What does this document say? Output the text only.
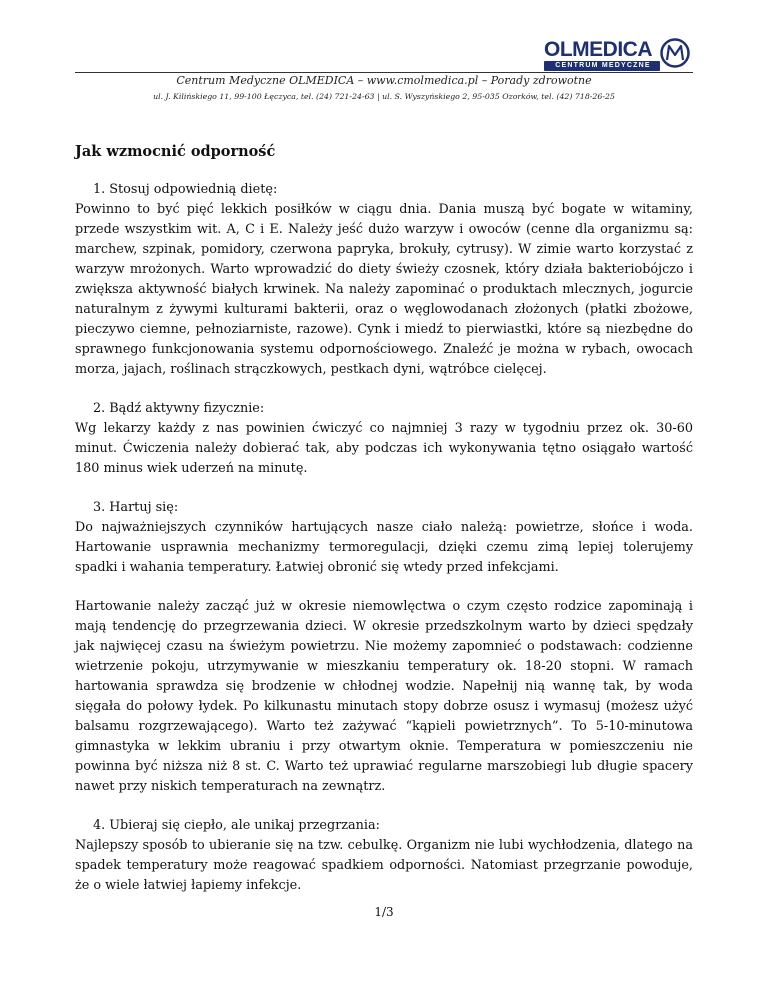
OLMEDICA
CENTRUM MEDYCZNE
Centrum Medyczne OLMEDICA – www.cmolmedica.pl – Porady zdrowotne
ul. J. Kilińskiego 11, 99-100 Łęczyca, tel. (24) 721-24-63 | ul. S. Wyszyńskiego 2, 95-035 Ozorków, tel. (42) 718-26-25
Jak wzmocnić odporność

1. Stosuj odpowiednią dietę:

Powinno to być pięć lekkich posiłków w ciągu dnia. Dania muszą być bogate w witaminy, przede wszystkim wit. A, C i E. Należy jeść dużo warzyw i owoców (cenne dla organizmu są: marchew, szpinak, pomidory, czerwona papryka, brokuły, cytrusy). W zimie warto korzystać z warzyw mrożonych. Warto wprowadzić do diety świeży czosnek, który działa bakteriobójczo i zwiększa aktywność białych krwinek. Na należy zapominać o produktach mlecznych, jogurcie naturalnym z żywymi kulturami bakterii, oraz o węglowodanach złożonych (płatki zbożowe, pieczywo ciemne, pełnoziarniste, razowe). Cynk i miedź to pierwiastki, które są niezbędne do sprawnego funkcjonowania systemu odpornościowego. Znaleźć je można w rybach, owocach morza, jajach, roślinach strączkowych, pestkach dyni, wątróbce cielęcej.

2. Bądź aktywny fizycznie:

Wg lekarzy każdy z nas powinien ćwiczyć co najmniej 3 razy w tygodniu przez ok. 30-60 minut. Ćwiczenia należy dobierać tak, aby podczas ich wykonywania tętno osiągało wartość 180 minus wiek uderzeń na minutę.

3. Hartuj się:

Do najważniejszych czynników hartujących nasze ciało należą: powietrze, słońce i woda. Hartowanie usprawnia mechanizmy termoregulacji, dzięki czemu zimą lepiej tolerujemy spadki i wahania temperatury. Łatwiej obronić się wtedy przed infekcjami.

Hartowanie należy zacząć już w okresie niemowlęctwa o czym często rodzice zapominają i mają tendencję do przegrzewania dzieci. W okresie przedszkolnym warto by dzieci spędzały jak najwięcej czasu na świeżym powietrzu. Nie możemy zapomnieć o podstawach: codzienne wietrzenie pokoju, utrzymywanie w mieszkaniu temperatury ok. 18-20 stopni. W ramach hartowania sprawdza się brodzenie w chłodnej wodzie. Napełnij nią wannę tak, by woda sięgała do połowy łydek. Po kilkunastu minutach stopy dobrze osusz i wymasuj (możesz użyć balsamu rozgrzewającego). Warto też zażywać “kąpieli powietrznych”. To 5-10-minutowa gimnastyka w lekkim ubraniu i przy otwartym oknie. Temperatura w pomieszczeniu nie powinna być niższa niż 8 st. C. Warto też uprawiać regularne marszobiegi lub długie spacery nawet przy niskich temperaturach na zewnątrz.

4. Ubieraj się ciepło, ale unikaj przegrzania:

Najlepszy sposób to ubieranie się na tzw. cebulkę. Organizm nie lubi wychłodzenia, dlatego na spadek temperatury może reagować spadkiem odporności. Natomiast przegrzanie powoduje, że o wiele łatwiej łapiemy infekcje.

1/3
